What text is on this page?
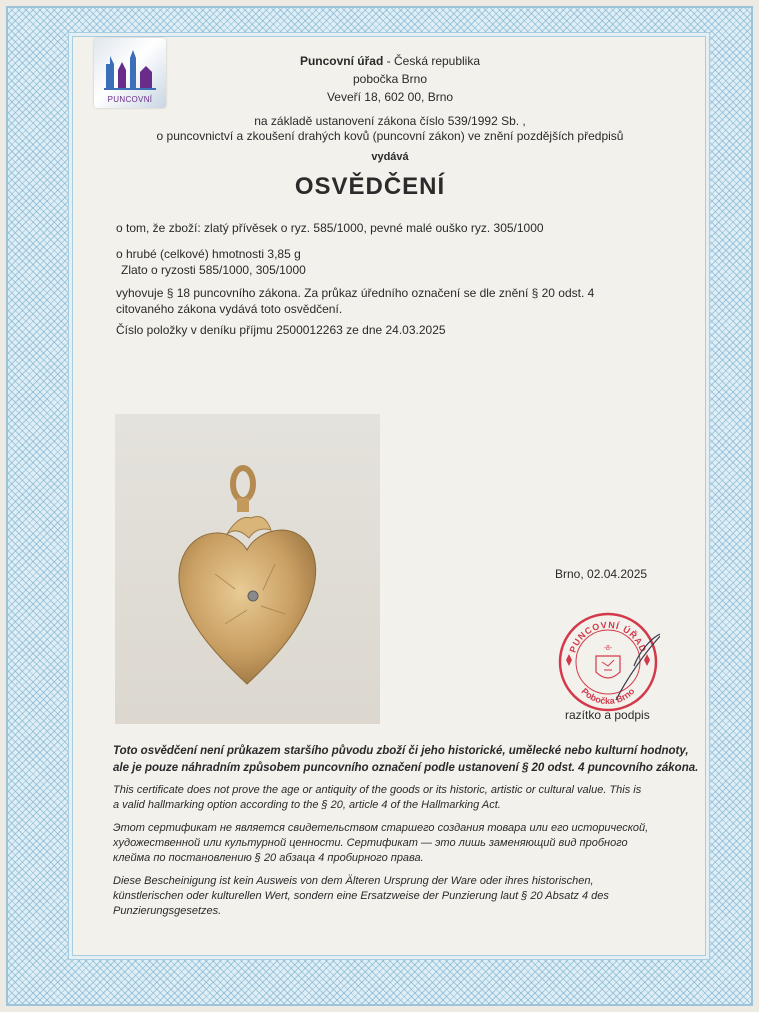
PUNCOVNÍ
Puncovní úřad - Česká republika
pobočka Brno
Veveří 18, 602 00, Brno
na základě ustanovení zákona číslo 539/1992 Sb. ,
o puncovnictví a zkoušení drahých kovů (puncovní zákon) ve znění pozdějších předpisů
vydává
OSVĚDČENÍ
o tom, že zboží: zlatý přívěsek o ryz. 585/1000, pevné malé ouško ryz. 305/1000
o hrubé (celkové) hmotnosti 3,85 g
Zlato o ryzosti 585/1000, 305/1000
vyhovuje § 18 puncovního zákona. Za průkaz úředního označení se dle znění § 20 odst. 4
citovaného zákona vydává toto osvědčení.
Číslo položky v deníku příjmu 2500012263 ze dne 24.03.2025
Brno, 02.04.2025
PUNCOVNÍ ÚŘAD
Pobočka Brno
-8-
razítko a podpis
Toto osvědčení není průkazem staršího původu zboží či jeho historické, umělecké nebo kulturní hodnoty,
ale je pouze náhradním způsobem puncovního označení podle ustanovení § 20 odst. 4 puncovního zákona.
This certificate does not prove the age or antiquity of the goods or its historic, artistic or cultural value. This is
a valid hallmarking option according to the § 20, article 4 of the Hallmarking Act.
Этот сертификат не является свидетельством старшего создания товара или его исторической,
художественной или культурной ценности. Сертификат — это лишь заменяющий вид пробного
клейма по постановлению § 20 абзаца 4 пробирного права.
Diese Bescheinigung ist kein Ausweis von dem Älteren Ursprung der Ware oder ihres historischen,
künstlerischen oder kulturellen Wert, sondern eine Ersatzweise der Punzierung laut § 20 Absatz 4 des
Punzierungsgesetzes.
